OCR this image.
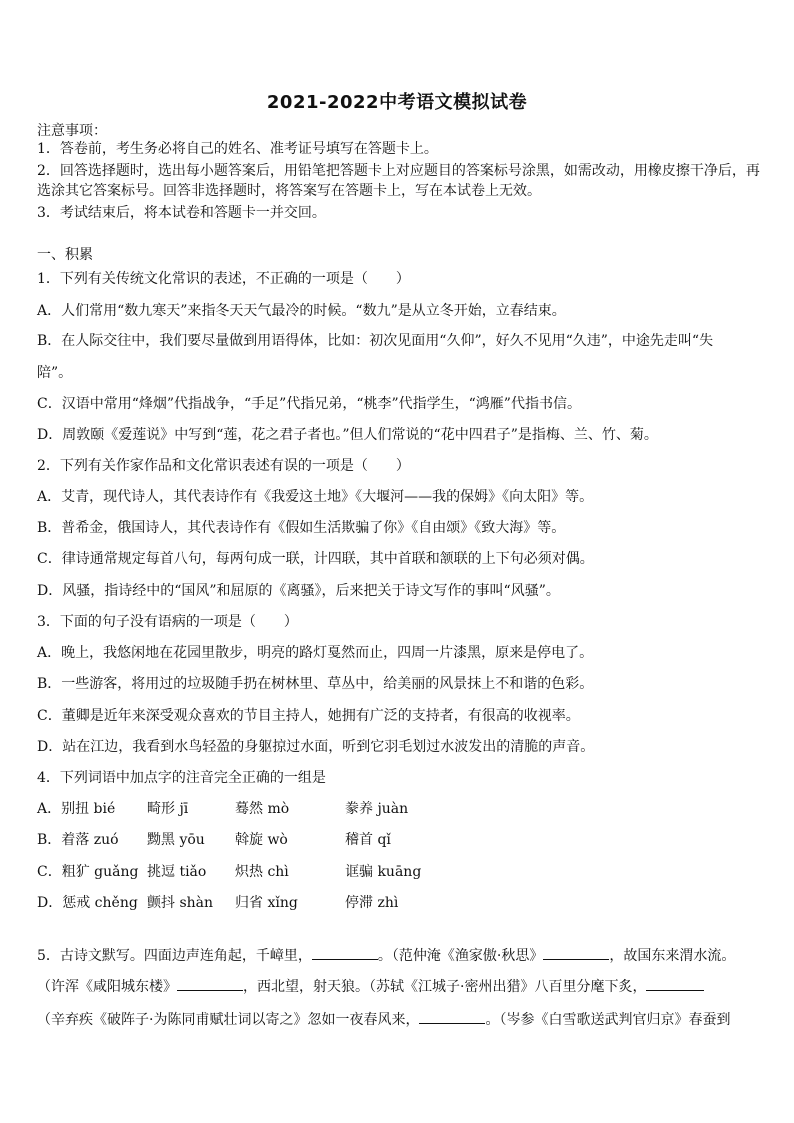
2021-2022中考语文模拟试卷
注意事项：
1．答卷前，考生务必将自己的姓名、准考证号填写在答题卡上。
2．回答选择题时，选出每小题答案后，用铅笔把答题卡上对应题目的答案标号涂黑，如需改动，用橡皮擦干净后，再
选涂其它答案标号。回答非选择题时，将答案写在答题卡上，写在本试卷上无效。
3．考试结束后，将本试卷和答题卡一并交回。
一、积累
1．下列有关传统文化常识的表述，不正确的一项是（　　）
A．人们常用“数九寒天”来指冬天天气最冷的时候。“数九”是从立冬开始，立春结束。
B．在人际交往中，我们要尽量做到用语得体，比如：初次见面用“久仰”，好久不见用“久违”，中途先走叫“失
陪”。
C．汉语中常用“烽烟”代指战争，“手足”代指兄弟，“桃李”代指学生，“鸿雁”代指书信。
D．周敦颐《爱莲说》中写到“莲，花之君子者也。”但人们常说的“花中四君子”是指梅、兰、竹、菊。
2．下列有关作家作品和文化常识表述有误的一项是（　　）
A．艾青，现代诗人，其代表诗作有《我爱这土地》《大堰河——我的保姆》《向太阳》等。
B．普希金，俄国诗人，其代表诗作有《假如生活欺骗了你》《自由颂》《致大海》等。
C．律诗通常规定每首八句，每两句成一联，计四联，其中首联和颔联的上下句必须对偶。
D．风骚，指诗经中的“国风”和屈原的《离骚》，后来把关于诗文写作的事叫“风骚”。
3．下面的句子没有语病的一项是（　　）
A．晚上，我悠闲地在花园里散步，明亮的路灯戛然而止，四周一片漆黑，原来是停电了。
B．一些游客，将用过的垃圾随手扔在树林里、草丛中，给美丽的风景抹上不和谐的色彩。
C．董卿是近年来深受观众喜欢的节目主持人，她拥有广泛的支持者，有很高的收视率。
D．站在江边，我看到水鸟轻盈的身躯掠过水面，听到它羽毛划过水波发出的清脆的声音。
4．下列词语中加点字的注音完全正确的一组是
A．别扭 bié	畸形 jī	蓦然 mò	豢养 juàn
B．着落 zuó	黝黑 yōu	斡旋 wò	稽首 qǐ
C．粗犷 guǎng 挑逗 tiǎo	炽热 chì	诓骗 kuāng
D．惩戒 chěng 颤抖 shàn	归省 xǐng	停滞 zhì
5．古诗文默写。四面边声连角起，千嶂里，	。（范仲淹《渔家傲·秋思》	，故国东来渭水流。
（许浑《咸阳城东楼》	，西北望，射天狼。（苏轼《江城子·密州出猎》八百里分麾下炙，
（辛弃疾《破阵子·为陈同甫赋壮词以寄之》忽如一夜春风来，	。（岑参《白雪歌送武判官归京》春蚕到
